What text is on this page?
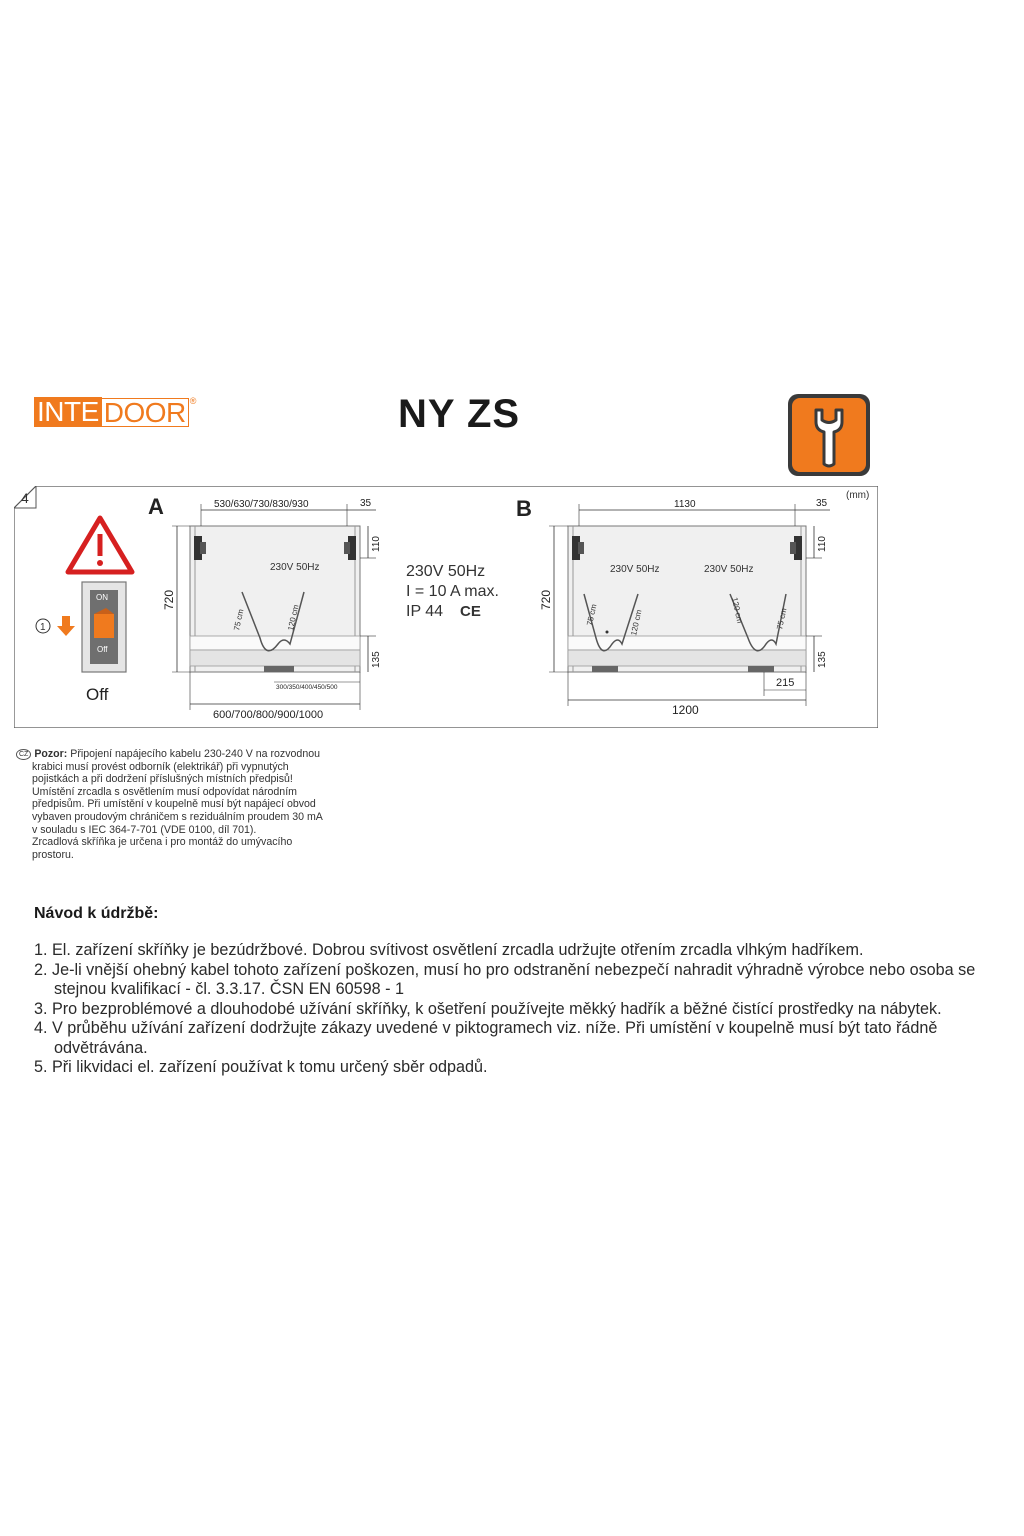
INTE DOOR ®	NY ZS
4	(mm)
ON
Off
1
Off
A
230V 50Hz
75 cm	120 cm
530/630/730/830/930	35
720
110
135
300/350/400/450/500
600/700/800/900/1000
230V 50Hz
I = 10 A max.
IP 44 CE
B
230V 50Hz	230V 50Hz
75 cm	120 cm	120 cm	75 cm
1130	35
720
110
135
215
1200

CZ Pozor: Připojení napájecího kabelu 230-240 V na rozvodnou

krabici musí provést odborník (elektrikář) při vypnutých

pojistkách a při dodržení příslušných místních předpisů!

Umístění zrcadla s osvětlením musí odpovídat národním

předpisům. Při umístění v koupelně musí být napájecí obvod

vybaven proudovým chráničem s reziduálním proudem 30 mA

v souladu s IEC 364-7-701 (VDE 0100, díl 701).

Zrcadlová skříňka je určena i pro montáž do umývacího

prostoru.

Návod k údržbě:
1. El. zařízení skříňky je bezúdržbové. Dobrou svítivost osvětlení zrcadla udržujte otřením zrcadla vlhkým hadříkem.
2. Je-li vnější ohebný kabel tohoto zařízení poškozen, musí ho pro odstranění nebezpečí nahradit výhradně výrobce nebo osoba se stejnou kvalifikací - čl. 3.3.17. ČSN EN 60598 - 1
3. Pro bezproblémové a dlouhodobé užívání skříňky, k ošetření používejte měkký hadřík a běžné čistící prostředky na nábytek.
4. V průběhu užívání zařízení dodržujte zákazy uvedené v piktogramech viz. níže. Při umístění v koupelně musí být tato řádně odvětrávána.
5. Při likvidaci el. zařízení používat k tomu určený sběr odpadů.
